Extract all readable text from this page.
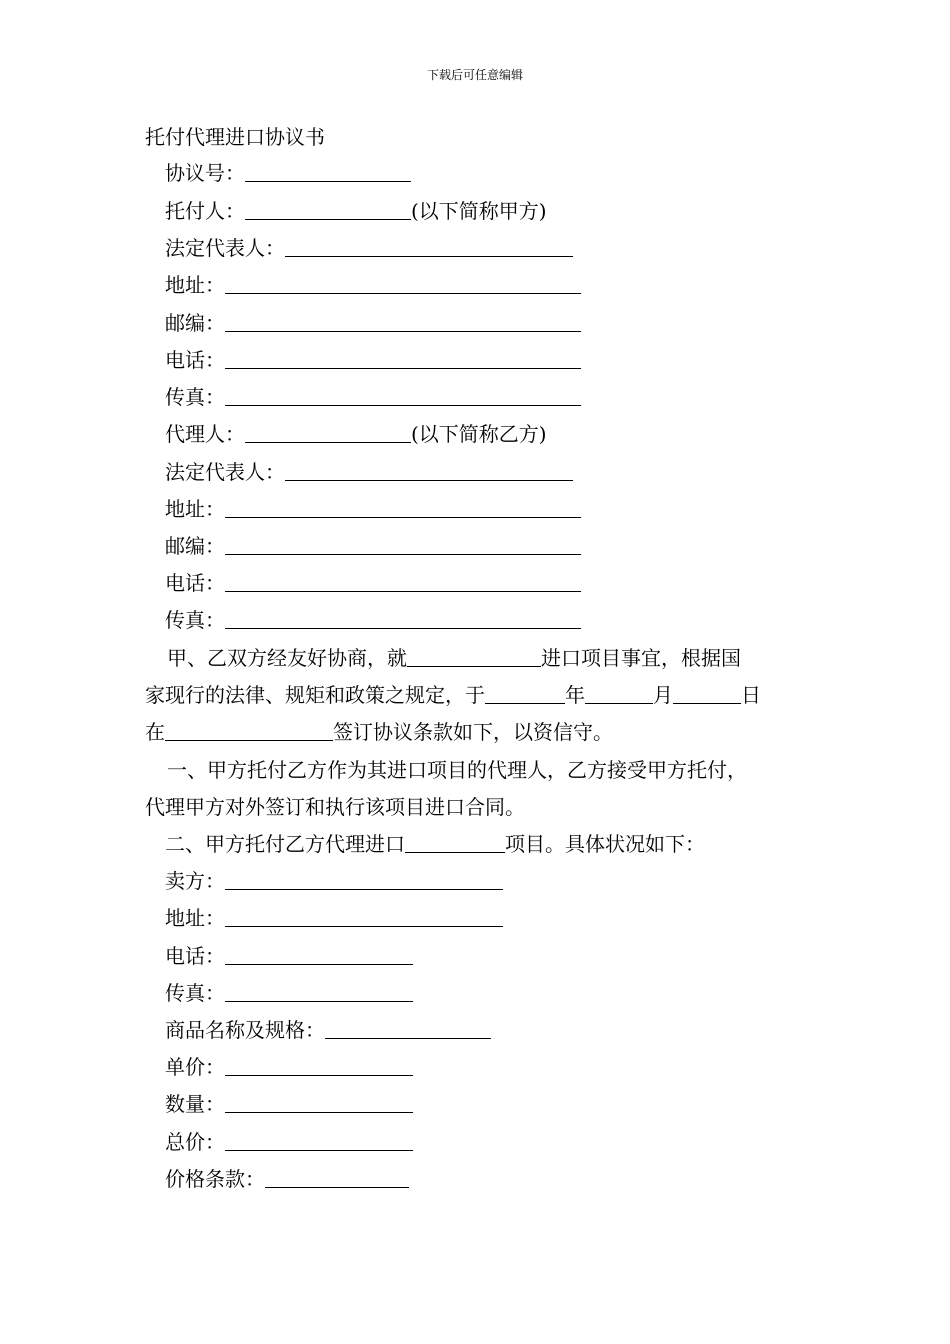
下载后可任意编辑
托付代理进口协议书
协议号：
托付人：	(以下简称甲方)
法定代表人：
地址：
邮编：
电话：
传真：
代理人：	(以下简称乙方)
法定代表人：
地址：
邮编：
电话：
传真：
甲、乙双方经友好协商，就	进口项目事宜，根据国
家现行的法律、规矩和政策之规定，于	年	月	日
在	签订协议条款如下，以资信守。
一、甲方托付乙方作为其进口项目的代理人，乙方接受甲方托付，
代理甲方对外签订和执行该项目进口合同。
二、甲方托付乙方代理进口	项目。具体状况如下：
卖方：
地址：
电话：
传真：
商品名称及规格：
单价：
数量：
总价：
价格条款：
